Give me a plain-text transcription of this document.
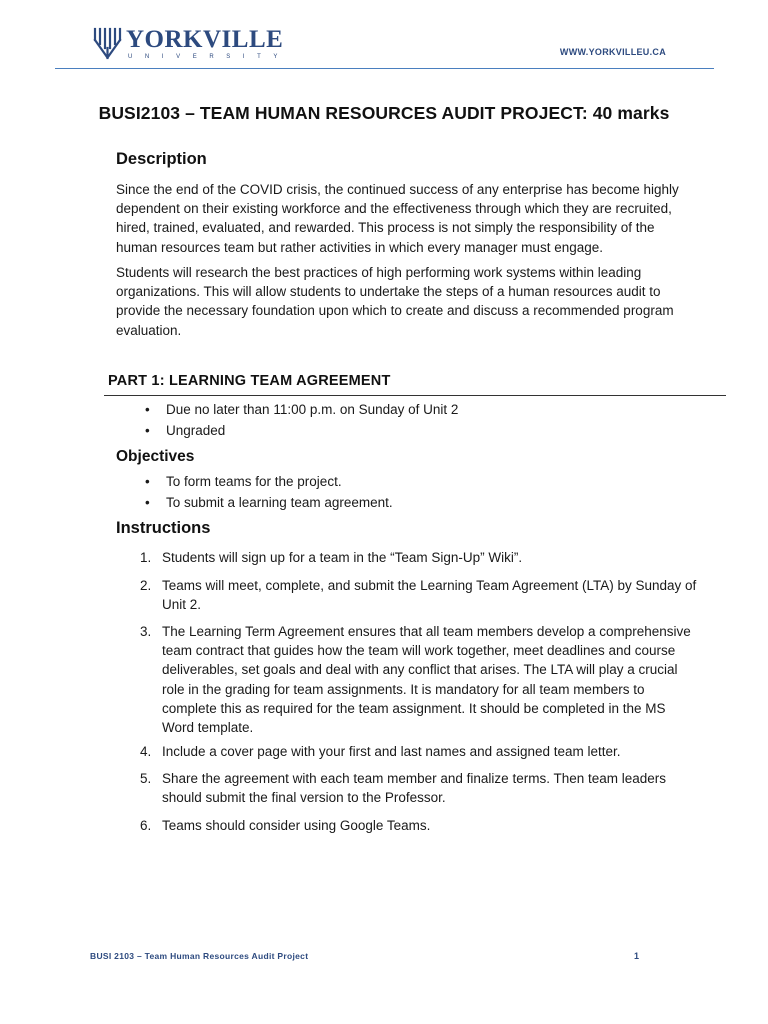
YORKVILLE
UNIVERSITY	WWW.YORKVILLEU.CA
BUSI2103 – TEAM HUMAN RESOURCES AUDIT PROJECT: 40 marks
Description

Since the end of the COVID crisis, the continued success of any enterprise has become highly dependent on their existing workforce and the effectiveness through which they are recruited, hired, trained, evaluated, and rewarded. This process is not simply the responsibility of the human resources team but rather activities in which every manager must engage.

Students will research the best practices of high performing work systems within leading organizations. This will allow students to undertake the steps of a human resources audit to provide the necessary foundation upon which to create and discuss a recommended program evaluation.

PART 1: LEARNING TEAM AGREEMENT
• Due no later than 11:00 p.m. on Sunday of Unit 2
• Ungraded
Objectives
• To form teams for the project.
• To submit a learning team agreement.
Instructions
1. Students will sign up for a team in the “Team Sign-Up” Wiki”.
2. Teams will meet, complete, and submit the Learning Team Agreement (LTA) by Sunday of Unit 2.
3. The Learning Term Agreement ensures that all team members develop a comprehensive team contract that guides how the team will work together, meet deadlines and course deliverables, set goals and deal with any conflict that arises. The LTA will play a crucial role in the grading for team assignments. It is mandatory for all team members to complete this as required for the team assignment. It should be completed in the MS Word template.
4. Include a cover page with your first and last names and assigned team letter.
5. Share the agreement with each team member and finalize terms. Then team leaders should submit the final version to the Professor.
6. Teams should consider using Google Teams.
BUSI 2103 – Team Human Resources Audit Project	1
